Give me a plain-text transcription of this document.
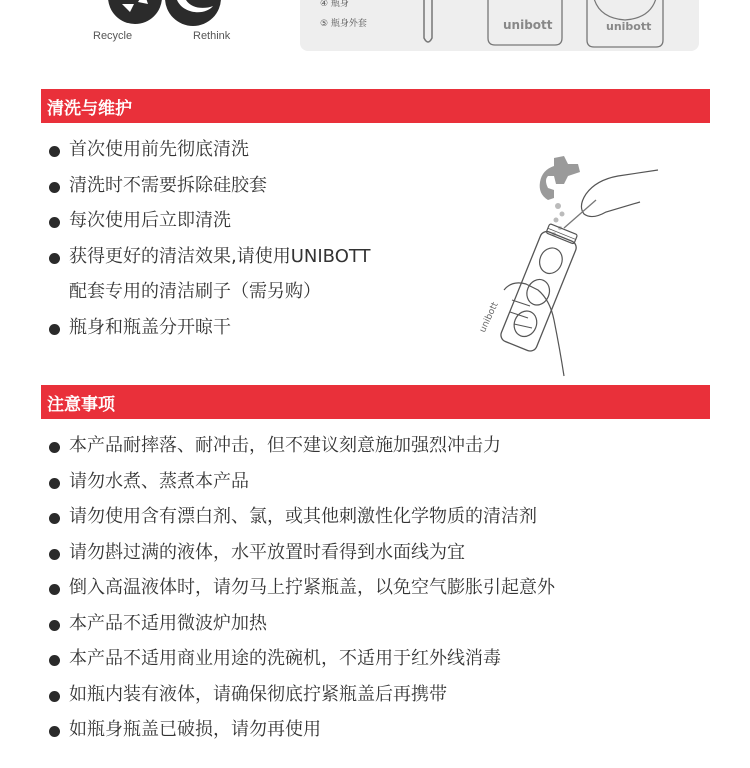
Recycle	Rethink
④ 瓶身
⑤ 瓶身外套	unibott	unibott
清洗与维护
首次使用前先彻底清洗
清洗时不需要拆除硅胶套
每次使用后立即清洗
获得更好的清洁效果,请使用UNIBOTT
配套专用的清洁刷子（需另购）
瓶身和瓶盖分开晾干	unibott
注意事项
本产品耐摔落、耐冲击，但不建议刻意施加强烈冲击力
请勿水煮、蒸煮本产品
请勿使用含有漂白剂、氯，或其他刺激性化学物质的清洁剂
请勿斟过满的液体，水平放置时看得到水面线为宜
倒入高温液体时，请勿马上拧紧瓶盖，以免空气膨胀引起意外
本产品不适用微波炉加热
本产品不适用商业用途的洗碗机，不适用于红外线消毒
如瓶内装有液体，请确保彻底拧紧瓶盖后再携带
如瓶身瓶盖已破损，请勿再使用
